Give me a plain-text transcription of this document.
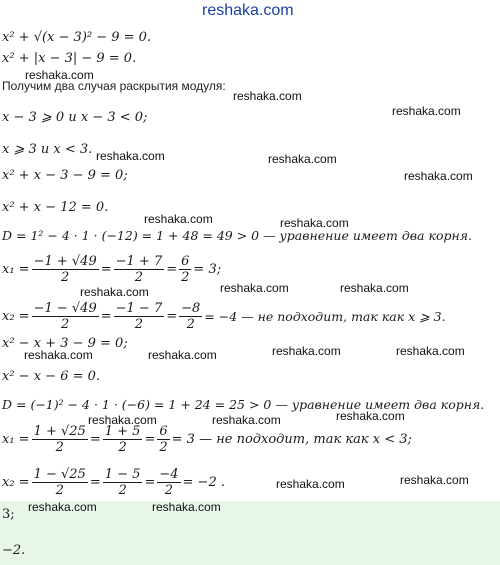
reshaka.com
x² + √(x − 3)² − 9 = 0.
x² + |x − 3| − 9 = 0.
Получим два случая раскрытия модуля:
x − 3 ⩾ 0 и x − 3 < 0;
x ⩾ 3 и x < 3.
x² + x − 3 − 9 = 0;
x² + x − 12 = 0.
D = 1² − 4 · 1 · (−12) = 1 + 48 = 49 > 0 — уравнение имеет два корня.
$x_1 = \frac{-1 + √49}{2} = \frac{-1 + 7}{2} = \frac{6}{2} = 3$;
$x_2 = \frac{-1 - √49}{2} = \frac{-1 - 7}{2} = \frac{-8}{2} = -4$ — не подходит, так как x ⩾ 3.
x² − x + 3 − 9 = 0;
x² − x − 6 = 0.
D = (−1)² − 4 · 1 · (−6) = 1 + 24 = 25 > 0 — уравнение имеет два корня.
$x_1 = \frac{1 + √25}{2} = \frac{1 + 5}{2} = \frac{6}{2} = 3$ — не подходит, так как x < 3;
$x_2 = \frac{1 - √25}{2} = \frac{1 - 5}{2} = \frac{-4}{2} = -2$ .
3;
−2.
reshaka.com
reshaka.com
reshaka.com
reshaka.com	reshaka.com
reshaka.com
reshaka.com	reshaka.com
reshaka.com	reshaka.com	reshaka.com
reshaka.com	reshaka.com	reshaka.com	reshaka.com
reshaka.com	reshaka.com	reshaka.com
reshaka.com	reshaka.com
reshaka.com	reshaka.com
